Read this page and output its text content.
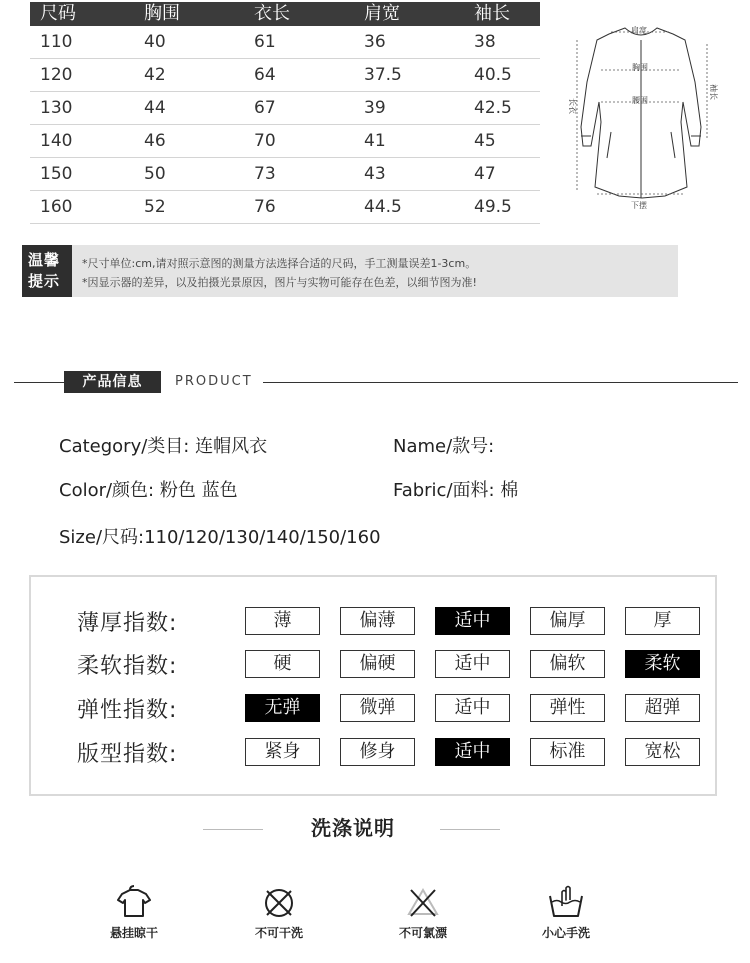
尺码	胸围	衣长	肩宽	袖长
110	40	61	36	38
120	42	64	37.5	40.5
130	44	67	39	42.5
140	46	70	41	45
150	50	73	43	47
160	52	76	44.5	49.5
肩宽
胸围
腰围
下摆
长衣
袖长
温馨
提示
*尺寸单位:cm,请对照示意图的测量方法选择合适的尺码，手工测量误差1-3cm。
*因显示器的差异，以及拍摄光景原因，图片与实物可能存在色差，以细节图为准!
产品信息	PRODUCT
Category/类目: 连帽风衣	Name/款号:
Color/颜色: 粉色 蓝色	Fabric/面料: 棉
Size/尺码:110/120/130/140/150/160
薄厚指数:	薄	偏薄	适中	偏厚	厚
柔软指数:	硬	偏硬	适中	偏软	柔软
弹性指数:	无弹	微弹	适中	弹性	超弹
版型指数:	紧身	修身	适中	标准	宽松
洗涤说明
悬挂晾干	不可干洗	不可氯漂	小心手洗
